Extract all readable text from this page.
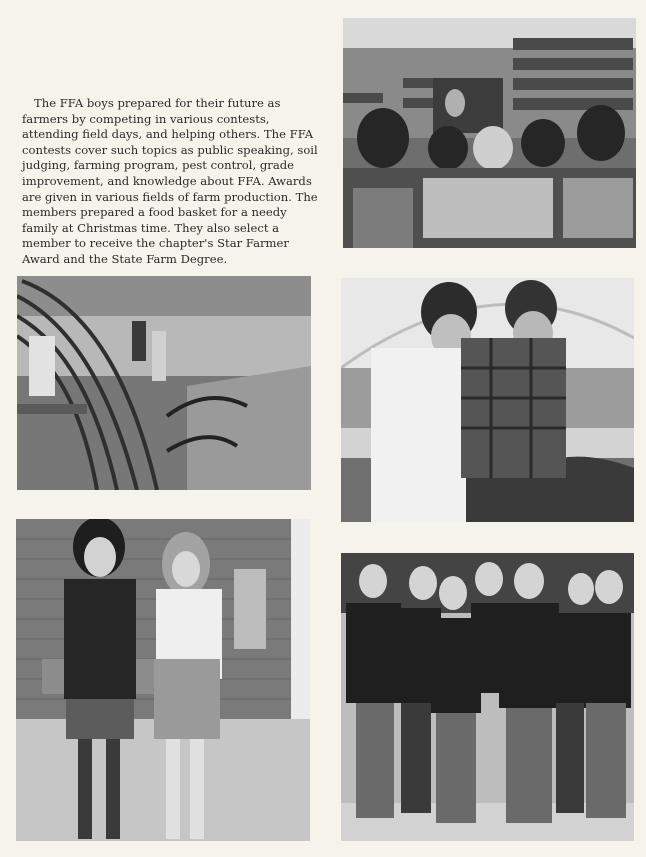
The FFA boys prepared for their future as farmers by competing in various contests, attending field days, and helping others. The FFA contests cover such topics as public speaking, soil judging, farming program, pest control, grade improvement, and knowledge about FFA. Awards are given in various fields of farm production. The members prepared a food basket for a needy family at Christmas time. They also select a member to receive the chapter's Star Farmer Award and the State Farm Degree.
